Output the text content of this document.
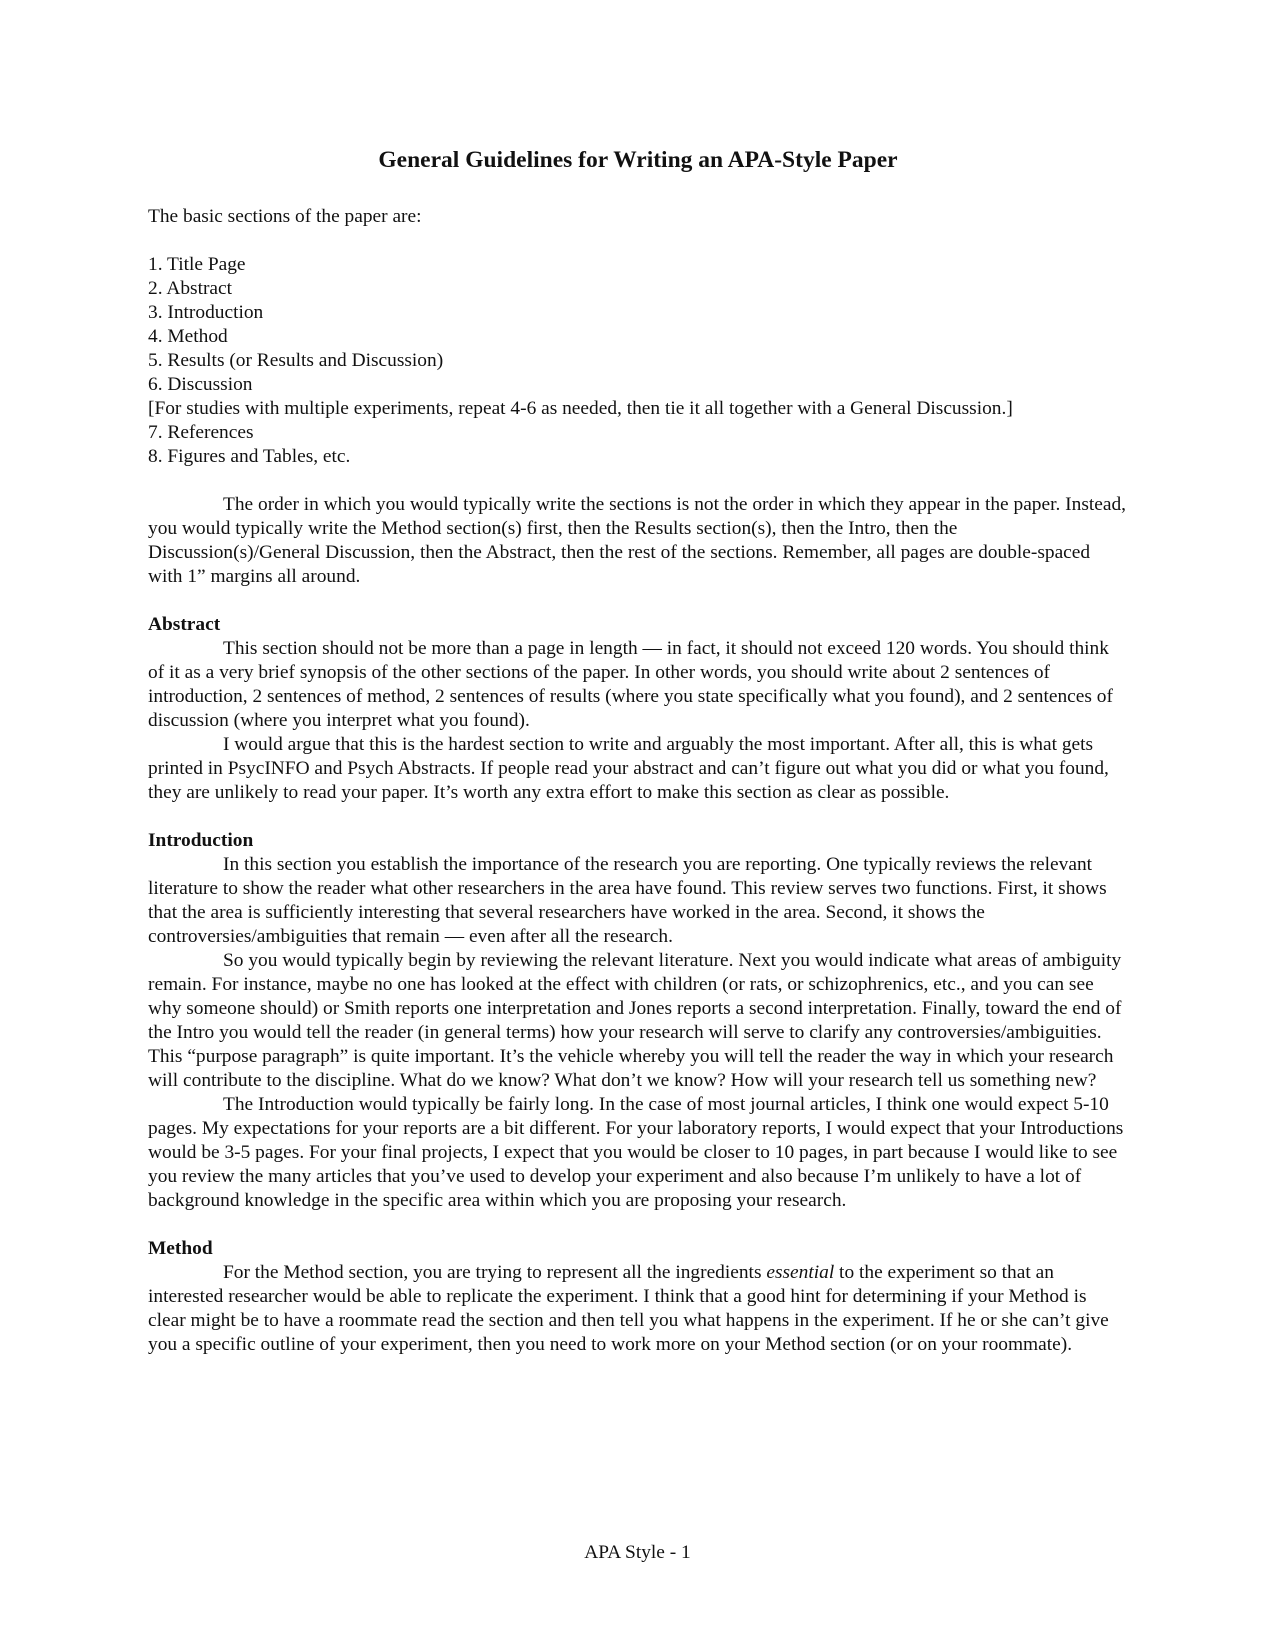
General Guidelines for Writing an APA-Style Paper

The basic sections of the paper are:

1. Title Page
2. Abstract
3. Introduction
4. Method
5. Results (or Results and Discussion)
6. Discussion
[For studies with multiple experiments, repeat 4-6 as needed, then tie it all together with a General Discussion.]
7. References
8. Figures and Tables, etc.

The order in which you would typically write the sections is not the order in which they appear in the paper. Instead, you would typically write the Method section(s) first, then the Results section(s), then the Intro, then the Discussion(s)/General Discussion, then the Abstract, then the rest of the sections. Remember, all pages are double-spaced with 1” margins all around.

Abstract

This section should not be more than a page in length — in fact, it should not exceed 120 words. You should think of it as a very brief synopsis of the other sections of the paper. In other words, you should write about 2 sentences of introduction, 2 sentences of method, 2 sentences of results (where you state specifically what you found), and 2 sentences of discussion (where you interpret what you found).

I would argue that this is the hardest section to write and arguably the most important. After all, this is what gets printed in PsycINFO and Psych Abstracts. If people read your abstract and can’t figure out what you did or what you found, they are unlikely to read your paper. It’s worth any extra effort to make this section as clear as possible.

Introduction

In this section you establish the importance of the research you are reporting. One typically reviews the relevant literature to show the reader what other researchers in the area have found. This review serves two functions. First, it shows that the area is sufficiently interesting that several researchers have worked in the area. Second, it shows the controversies/ambiguities that remain — even after all the research.

So you would typically begin by reviewing the relevant literature. Next you would indicate what areas of ambiguity remain. For instance, maybe no one has looked at the effect with children (or rats, or schizophrenics, etc., and you can see why someone should) or Smith reports one interpretation and Jones reports a second interpretation. Finally, toward the end of the Intro you would tell the reader (in general terms) how your research will serve to clarify any controversies/ambiguities. This “purpose paragraph” is quite important. It’s the vehicle whereby you will tell the reader the way in which your research will contribute to the discipline. What do we know? What don’t we know? How will your research tell us something new?

The Introduction would typically be fairly long. In the case of most journal articles, I think one would expect 5-10 pages. My expectations for your reports are a bit different. For your laboratory reports, I would expect that your Introductions would be 3-5 pages. For your final projects, I expect that you would be closer to 10 pages, in part because I would like to see you review the many articles that you’ve used to develop your experiment and also because I’m unlikely to have a lot of background knowledge in the specific area within which you are proposing your research.

Method

For the Method section, you are trying to represent all the ingredients essential to the experiment so that an interested researcher would be able to replicate the experiment. I think that a good hint for determining if your Method is clear might be to have a roommate read the section and then tell you what happens in the experiment. If he or she can’t give you a specific outline of your experiment, then you need to work more on your Method section (or on your roommate).

APA Style - 1
